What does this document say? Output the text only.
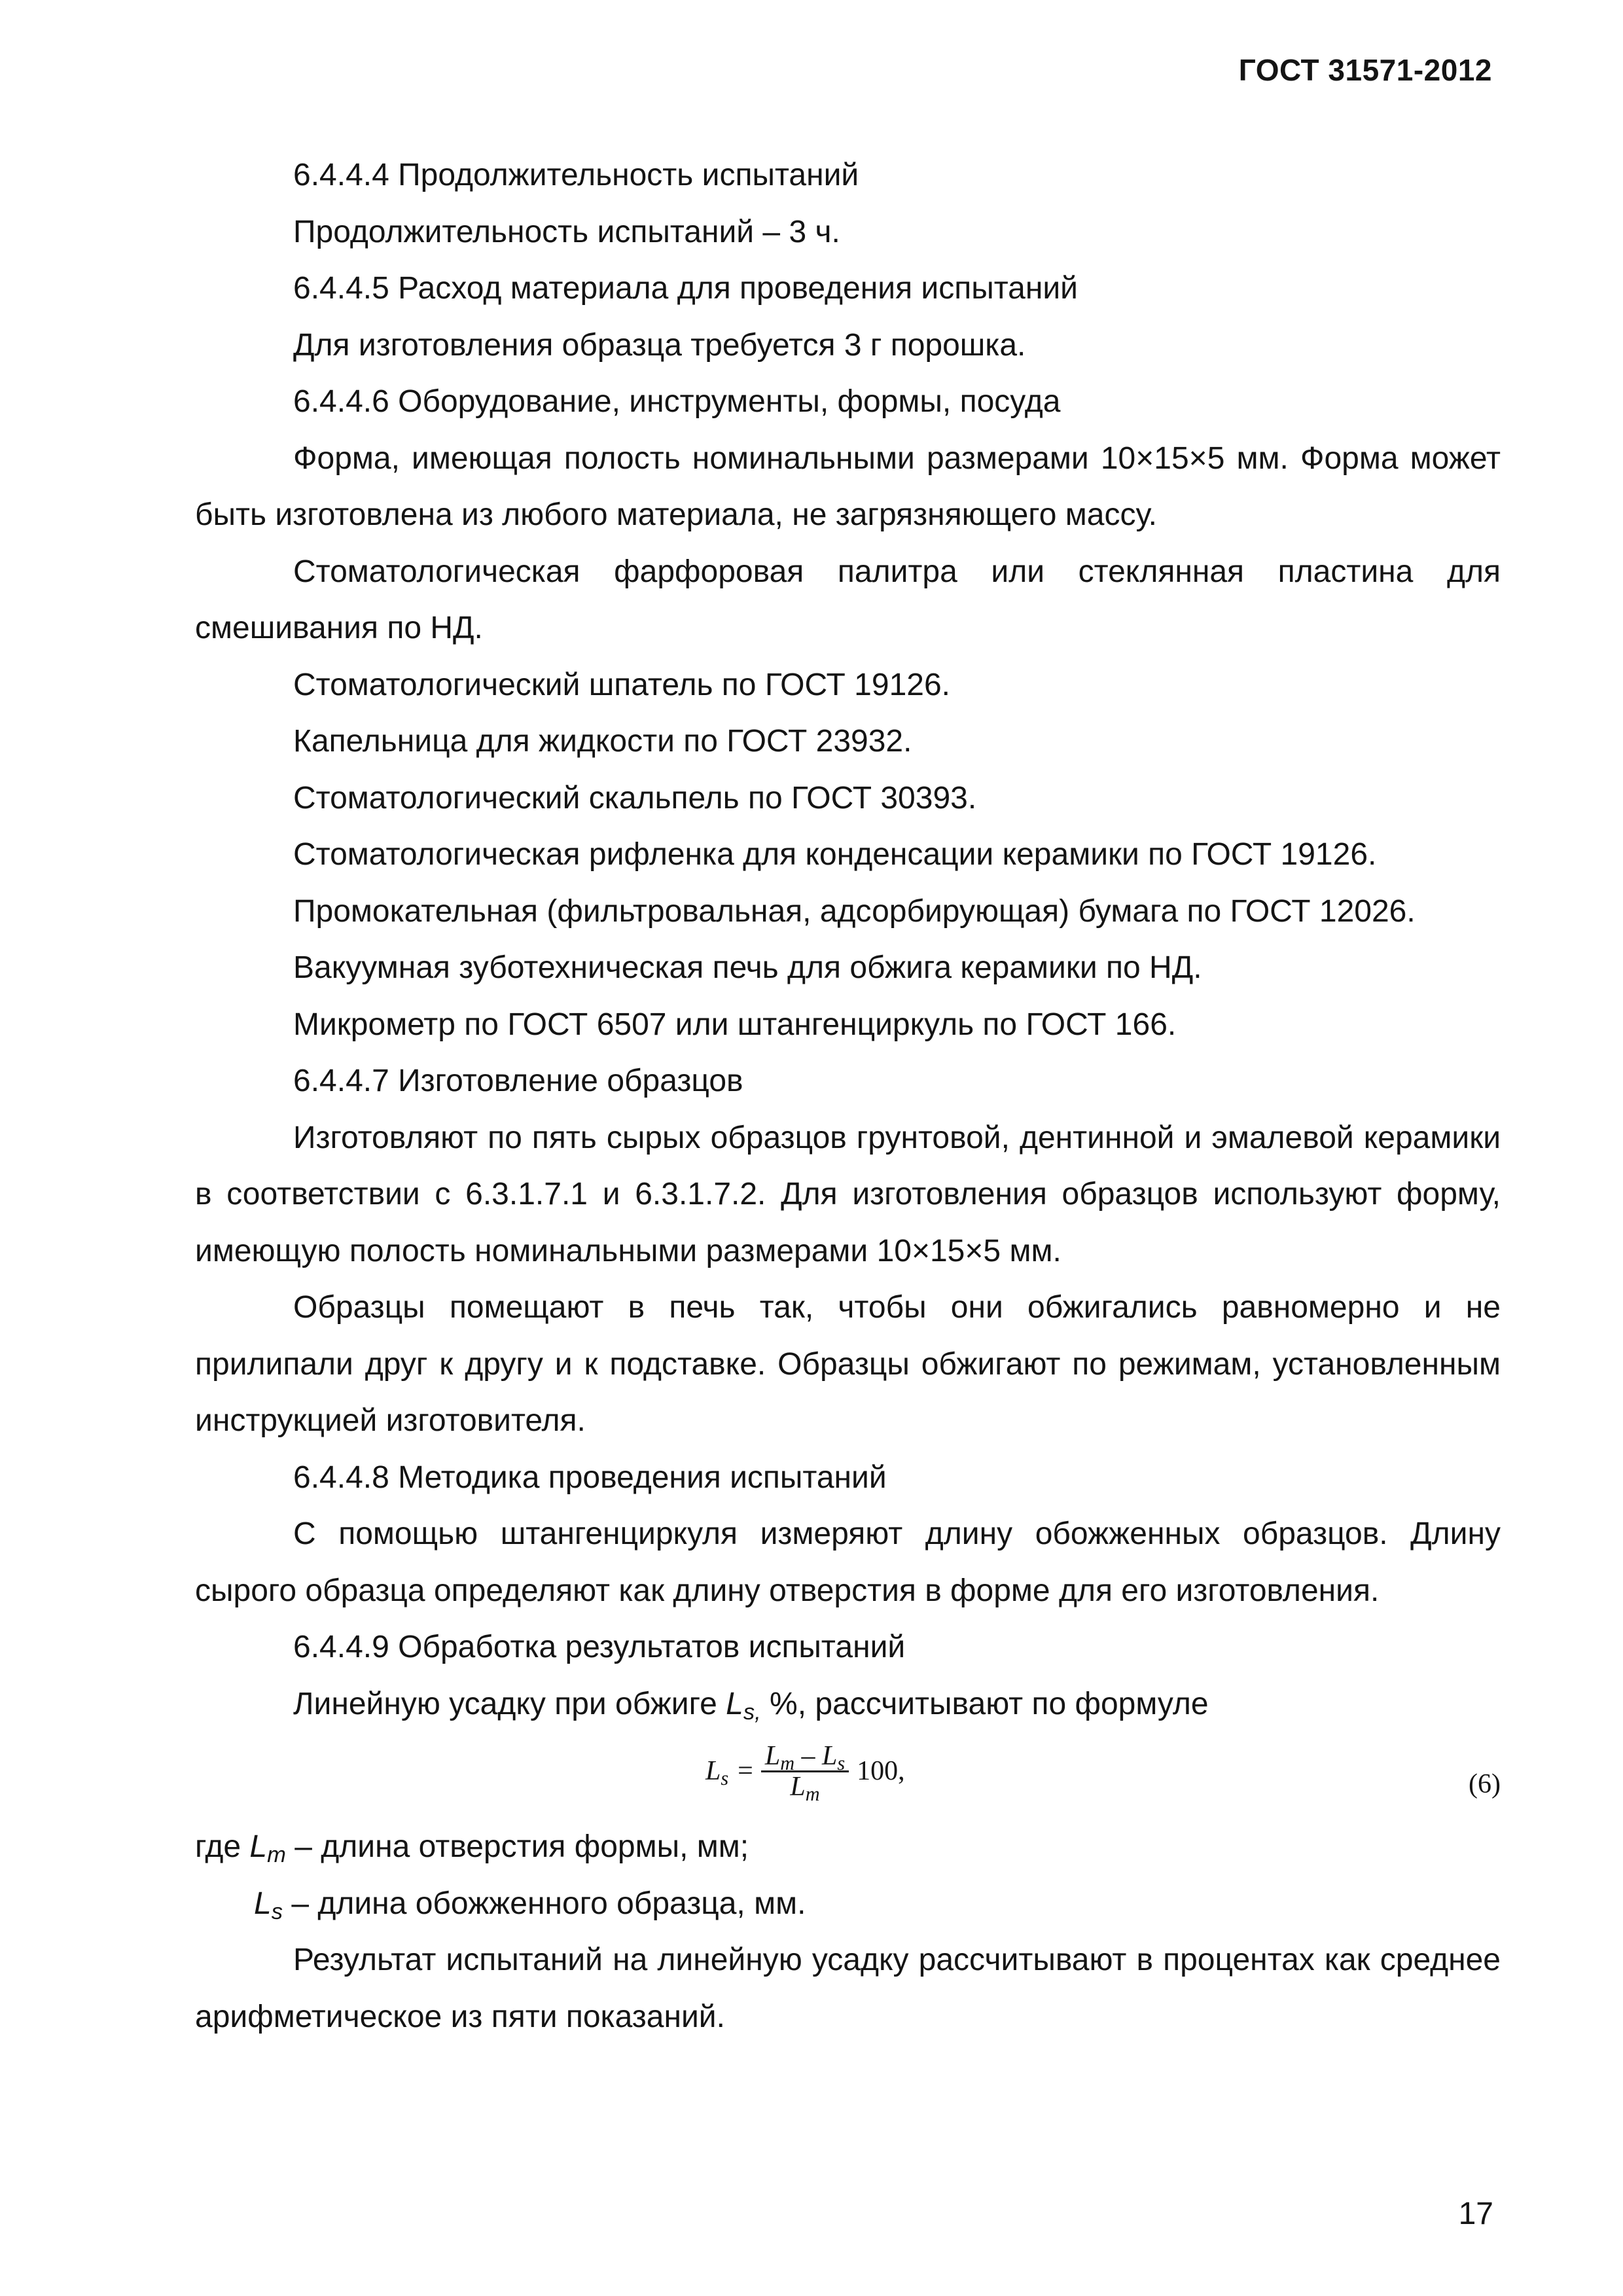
ГОСТ 31571-2012

6.4.4.4 Продолжительность испытаний

Продолжительность испытаний – 3 ч.

6.4.4.5 Расход материала для проведения испытаний

Для изготовления образца требуется 3 г порошка.

6.4.4.6 Оборудование, инструменты, формы, посуда

Форма, имеющая полость номинальными размерами 10×15×5 мм. Форма может быть изготовлена из любого материала, не загрязняющего массу.

Стоматологическая фарфоровая палитра или стеклянная пластина для смешивания по НД.

Стоматологический шпатель по ГОСТ 19126.

Капельница для жидкости по ГОСТ 23932.

Стоматологический скальпель по ГОСТ 30393.

Стоматологическая рифленка для конденсации керамики по ГОСТ 19126.

Промокательная (фильтровальная, адсорбирующая) бумага по ГОСТ 12026.

Вакуумная зуботехническая печь для обжига керамики по НД.

Микрометр по ГОСТ 6507 или штангенциркуль по ГОСТ 166.

6.4.4.7 Изготовление образцов

Изготовляют по пять сырых образцов грунтовой, дентинной и эмалевой керамики в соответствии с 6.3.1.7.1 и 6.3.1.7.2. Для изготовления образцов используют форму, имеющую полость номинальными размерами 10×15×5 мм.

Образцы помещают в печь так, чтобы они обжигались равномерно и не прилипали друг к другу и к подставке. Образцы обжигают по режимам, установленным инструкцией изготовителя.

6.4.4.8 Методика проведения испытаний

С помощью штангенциркуля измеряют длину обожженных образцов. Длину сырого образца определяют как длину отверстия в форме для его изготовления.

6.4.4.9 Обработка результатов испытаний

Линейную усадку при обжиге $L_{s,}$ %, рассчитывают по формуле

$L_s = \frac{L_m - L_s}{L_m} 100$,	(6)

где $L_m$ – длина отверстия формы, мм;

$L_s$ – длина обожженного образца, мм.

Результат испытаний на линейную усадку рассчитывают в процентах как среднее арифметическое из пяти показаний.

17
